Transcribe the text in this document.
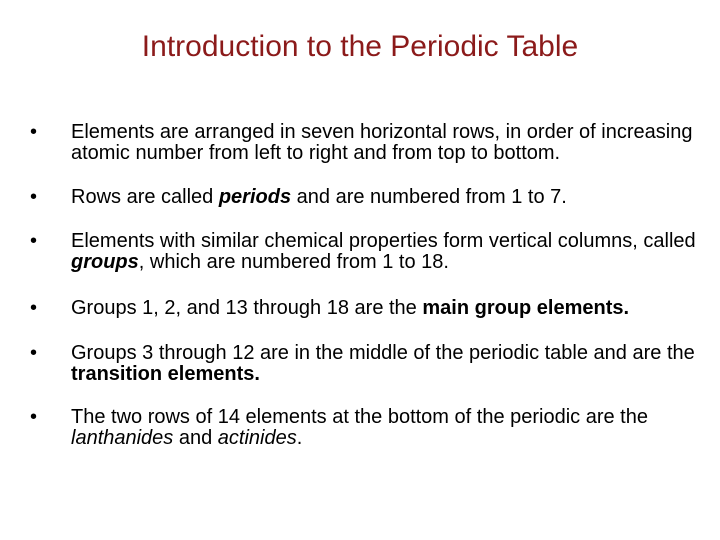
Introduction to the Periodic Table
• Elements are arranged in seven horizontal rows, in order of increasing atomic number from left to right and from top to bottom.
• Rows are called periods and are numbered from 1 to 7.
• Elements with similar chemical properties form vertical columns, called groups, which are numbered from 1 to 18.
• Groups 1, 2, and 13 through 18 are the main group elements.
• Groups 3 through 12 are in the middle of the periodic table and are the transition elements.
• The two rows of 14 elements at the bottom of the periodic are the lanthanides and actinides.
